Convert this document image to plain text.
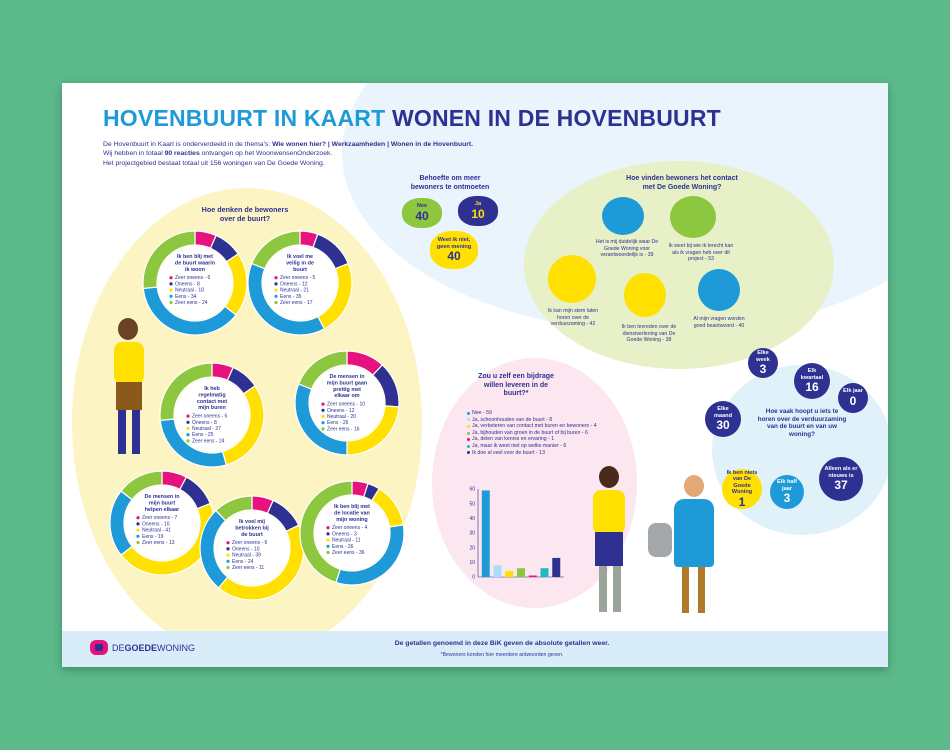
HOVENBUURT IN KAART WONEN IN DE HOVENBUURT
De Hovenbuurt in Kaart is onderverdeeld in de thema's: Wie wonen hier? | Werkzaamheden | Wonen in de Hovenbuurt.
Wij hebben in totaal 90 reacties ontvangen op het WoonwensenOnderzoek.
Het projectgebied bestaat totaal uit 156 woningen van De Goede Woning.
Hoe denken de bewoners over de buurt?
Ik ben blij met
de buurt waarin
ik woon
Zeer oneens - 6
Oneens - 8
Neutraal - 18
Eens - 34
Zeer eens - 24
Ik voel me
veilig in de
buurt
Zeer oneens - 5
Oneens - 12
Neutraal - 21
Eens - 35
Zeer eens - 17
Ik heb
regelmatig
contact met
mijn buren
Zeer oneens - 6
Oneens - 8
Neutraal - 27
Eens - 25
Zeer eens - 24
De mensen in
mijn buurt gaan
prettig met
elkaar om
Zeer oneens - 10
Oneens - 12
Neutraal - 20
Eens - 26
Zeer eens - 16
De mensen in
mijn buurt
helpen elkaar
Zeer oneens - 7
Oneens - 10
Neutraal - 41
Eens - 19
Zeer eens - 13
Ik voel mij
betrokken bij
de buurt
Zeer oneens - 6
Oneens - 10
Neutraal - 39
Eens - 24
Zeer eens - 11
Ik ben blij met
de locatie van
mijn woning
Zeer oneens - 4
Oneens - 3
Neutraal - 11
Eens - 26
Zeer eens - 36
Behoefte om meer bewoners te ontmoeten
Nee
40
Ja
10
Weet ik niet, geen mening
40
Hoe vinden bewoners het contact met De Goede Woning?
Het is mij duidelijk waar De Goede Woning voor verantwoordelijk is - 39
Ik weet bij wie ik terecht kan als ik vragen heb over dit project - 53
Ik kan mijn stem laten horen over de verduurzaming - 42	Ik ben tevreden over de dienstverlening van De Goede Woning - 38
Al mijn vragen worden goed beantwoord - 40
Zou u zelf een bijdrage willen leveren in de buurt?*
Nee - 59
Ja, schoonhouden van de buurt - 8
Ja, verbeteren van contact met buren en bewoners - 4
Ja, bijhouden van groen in de buurt of bij buren - 6
Ja, delen van kennis en ervaring - 1
Ja, maar ik weet niet op welke manier - 6
Ik doe al veel voor de buurt - 13
0
10
20
30
40
50
60
Hoe vaak hoopt u iets te horen over de verduurzaming van de buurt en van uw woning?
Elke week
3	Elk kwartaal
16	Elk jaar
0
Elke maand
30
Alleen als er nieuws is
37
Ik ben niets van De Goede Woning
1
Elk half jaar
3
DEGOEDEWONING	De getallen genoemd in deze BiK geven de absolute getallen weer.
*Bewoners konden hier meerdere antwoorden geven.
